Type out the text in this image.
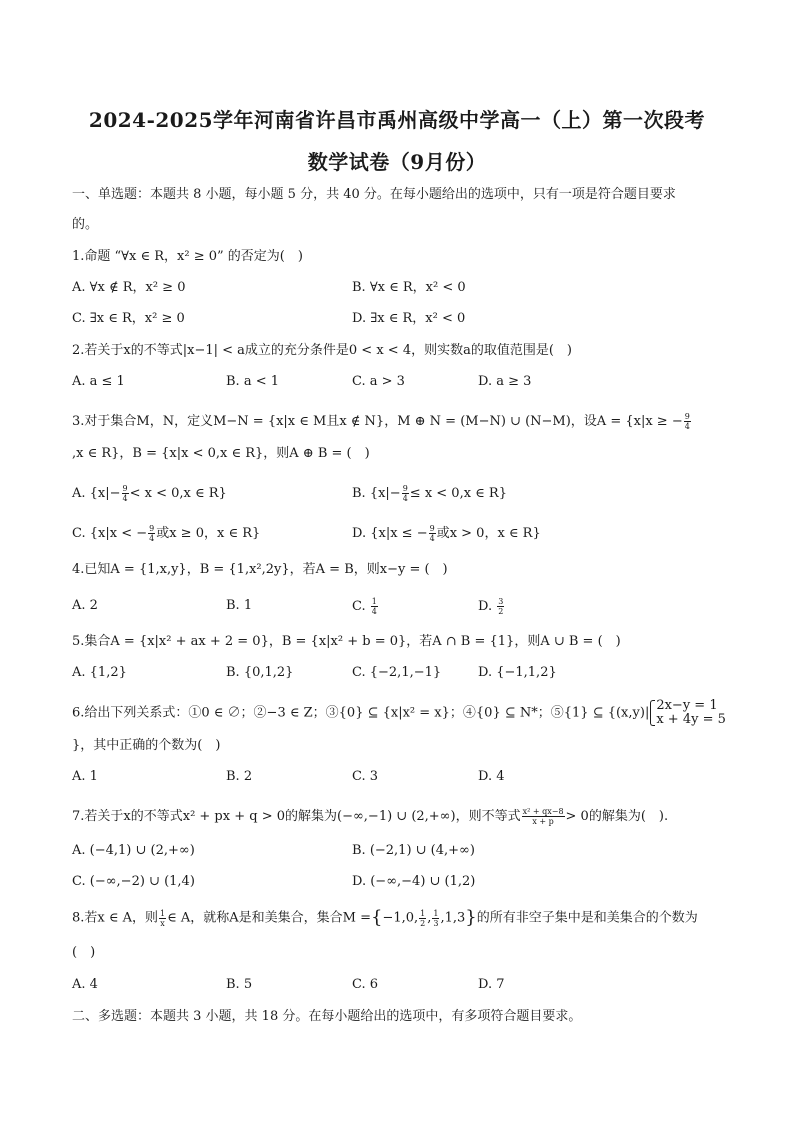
2024-2025学年河南省许昌市禹州高级中学高一（上）第一次段考
数学试卷（9月份）
一、单选题：本题共 8 小题，每小题 5 分，共 40 分。在每小题给出的选项中，只有一项是符合题目要求
的。
1.命题 “∀x ∈ R，x² ≥ 0” 的否定为(　)
A. ∀x ∉ R，x² ≥ 0	B. ∀x ∈ R，x² < 0
C. ∃x ∈ R，x² ≥ 0	D. ∃x ∈ R，x² < 0
2.若关于x的不等式|x−1| < a成立的充分条件是0 < x < 4，则实数a的取值范围是(　)
A. a ≤ 1	B. a < 1	C. a > 3	D. a ≥ 3
3.对于集合M，N，定义M−N = {x|x ∈ M且x ∉ N}，M ⊕ N = (M−N) ∪ (N−M)，设A = {x|x ≥ − $\frac{9}{4}$
,x ∈ R}，B = {x|x < 0,x ∈ R}，则A ⊕ B = (　)
A. {$x|- \frac{9}{4} < x < 0,x$ ∈ R}	B. {$x|- \frac{9}{4} \le x < 0,x$ ∈ R}
C. {x|x < − $\frac{9}{4}$ 或x ≥ 0，x ∈ R}	D. {x|x ≤ − $\frac{9}{4}$ 或x > 0，x ∈ R}
4.已知A = {1,x,y}，B = {1,x²,2y}，若A = B，则x−y = (　)
A. 2	B. 1	C. $\frac{1}{4}$	D. $\frac{3}{2}$
5.集合A = {x|x² + ax + 2 = 0}，B = {x|x² + b = 0}，若A ∩ B = {1}，则A ∪ B = (　)
A. {1,2}	B. {0,1,2}	C. {−2,1,−1}	D. {−1,1,2}
6.给出下列关系式：①0 ∈ ∅；②−3 ∈ Z；③{0} ⊆ {x|x² = x}；④{0} ⊆ N*；⑤{1} ⊆ {(x,y)| 2x−y = 1
x + 4y = 5
}，其中正确的个数为(　)
A. 1	B. 2	C. 3	D. 4
7.若关于x的不等式x² + px + q > 0的解集为(−∞,−1) ∪ (2,+∞)，则不等式 $\frac{\text{x² + qx−8}}{x + p} > 0$的解集为(　).
A. (−4,1) ∪ (2,+∞)	B. (−2,1) ∪ (4,+∞)
C. (−∞,−2) ∪ (1,4)	D. (−∞,−4) ∪ (1,2)
8.若x ∈ A，则 $\frac{1}{x}$ ∈ A，就称A是和美集合，集合M ={−1,0, $\frac{1}{2}$ , $\frac{1}{3} ,1,3$}的所有非空子集中是和美集合的个数为
(　)
A. 4	B. 5	C. 6	D. 7
二、多选题：本题共 3 小题，共 18 分。在每小题给出的选项中，有多项符合题目要求。
